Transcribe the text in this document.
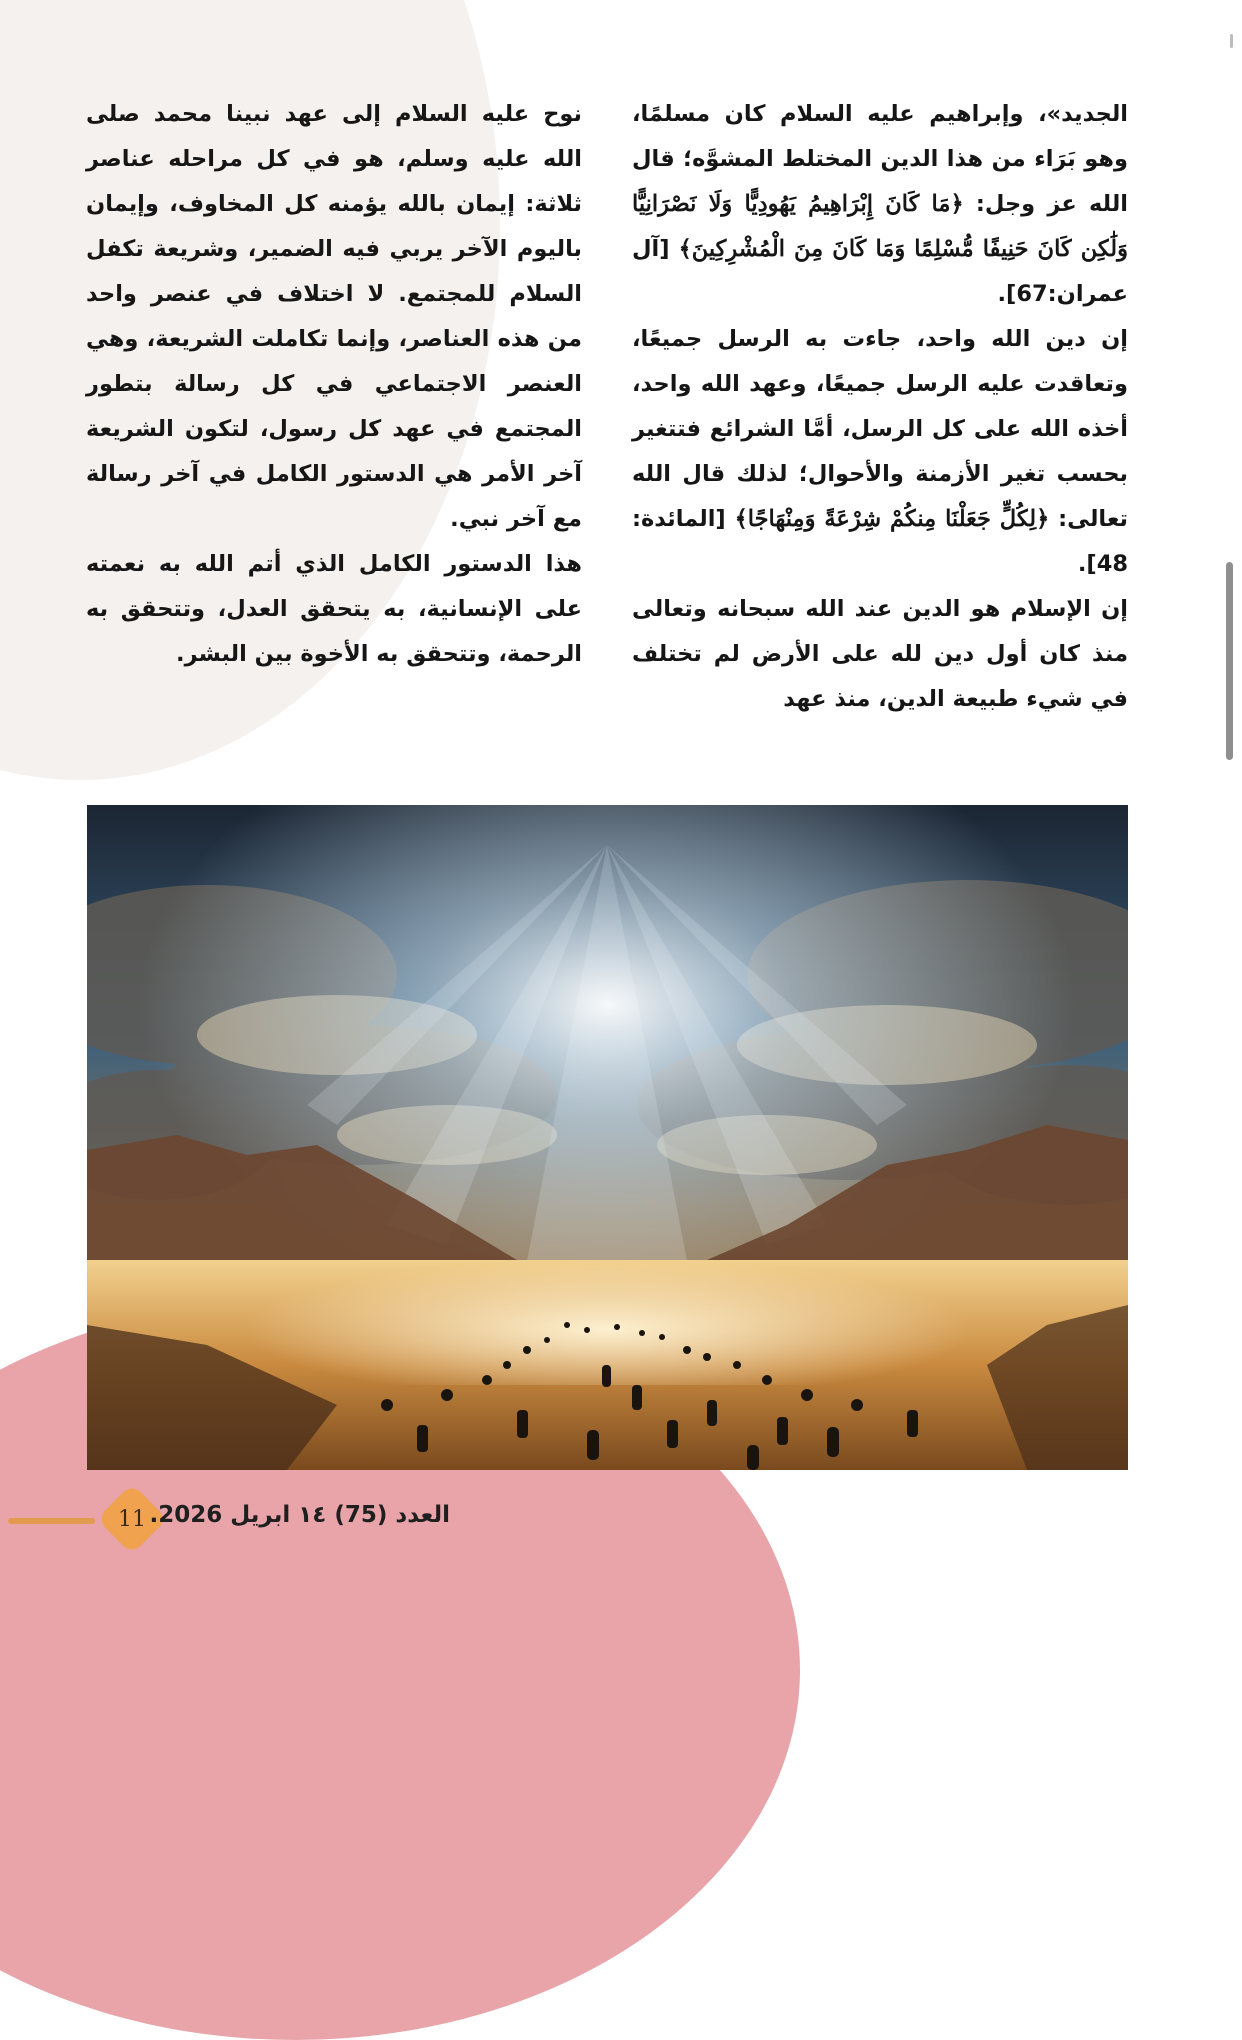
الجديد»، وإبراهيم عليه السلام كان مسلمًا، وهو بَرَاء من هذا الدين المختلط المشوَّه؛ قال الله عز وجل: ﴿مَا كَانَ إِبْرَاهِيمُ يَهُودِيًّا وَلَا نَصْرَانِيًّا وَلَٰكِن كَانَ حَنِيفًا مُّسْلِمًا وَمَا كَانَ مِنَ الْمُشْرِكِينَ﴾ [آل عمران:67].

إن دين الله واحد، جاءت به الرسل جميعًا، وتعاقدت عليه الرسل جميعًا، وعهد الله واحد، أخذه الله على كل الرسل، أمَّا الشرائع فتتغير بحسب تغير الأزمنة والأحوال؛ لذلك قال الله تعالى: ﴿لِكُلٍّ جَعَلْنَا مِنكُمْ شِرْعَةً وَمِنْهَاجًا﴾ [المائدة: 48].

إن الإسلام هو الدين عند الله سبحانه وتعالى منذ كان أول دين لله على الأرض لم تختلف في شيء طبيعة الدين، منذ عهد

نوح عليه السلام إلى عهد نبينا محمد صلى الله عليه وسلم، هو في كل مراحله عناصر ثلاثة: إيمان بالله يؤمنه كل المخاوف، وإيمان باليوم الآخر يربي فيه الضمير، وشريعة تكفل السلام للمجتمع. لا اختلاف في عنصر واحد من هذه العناصر، وإنما تكاملت الشريعة، وهي العنصر الاجتماعي في كل رسالة بتطور المجتمع في عهد كل رسول، لتكون الشريعة آخر الأمر هي الدستور الكامل في آخر رسالة مع آخر نبي.

هذا الدستور الكامل الذي أتم الله به نعمته على الإنسانية، به يتحقق العدل، وتتحقق به الرحمة، وتتحقق به الأخوة بين البشر.

11 العدد (75) ١٤ ابريل 2026.
